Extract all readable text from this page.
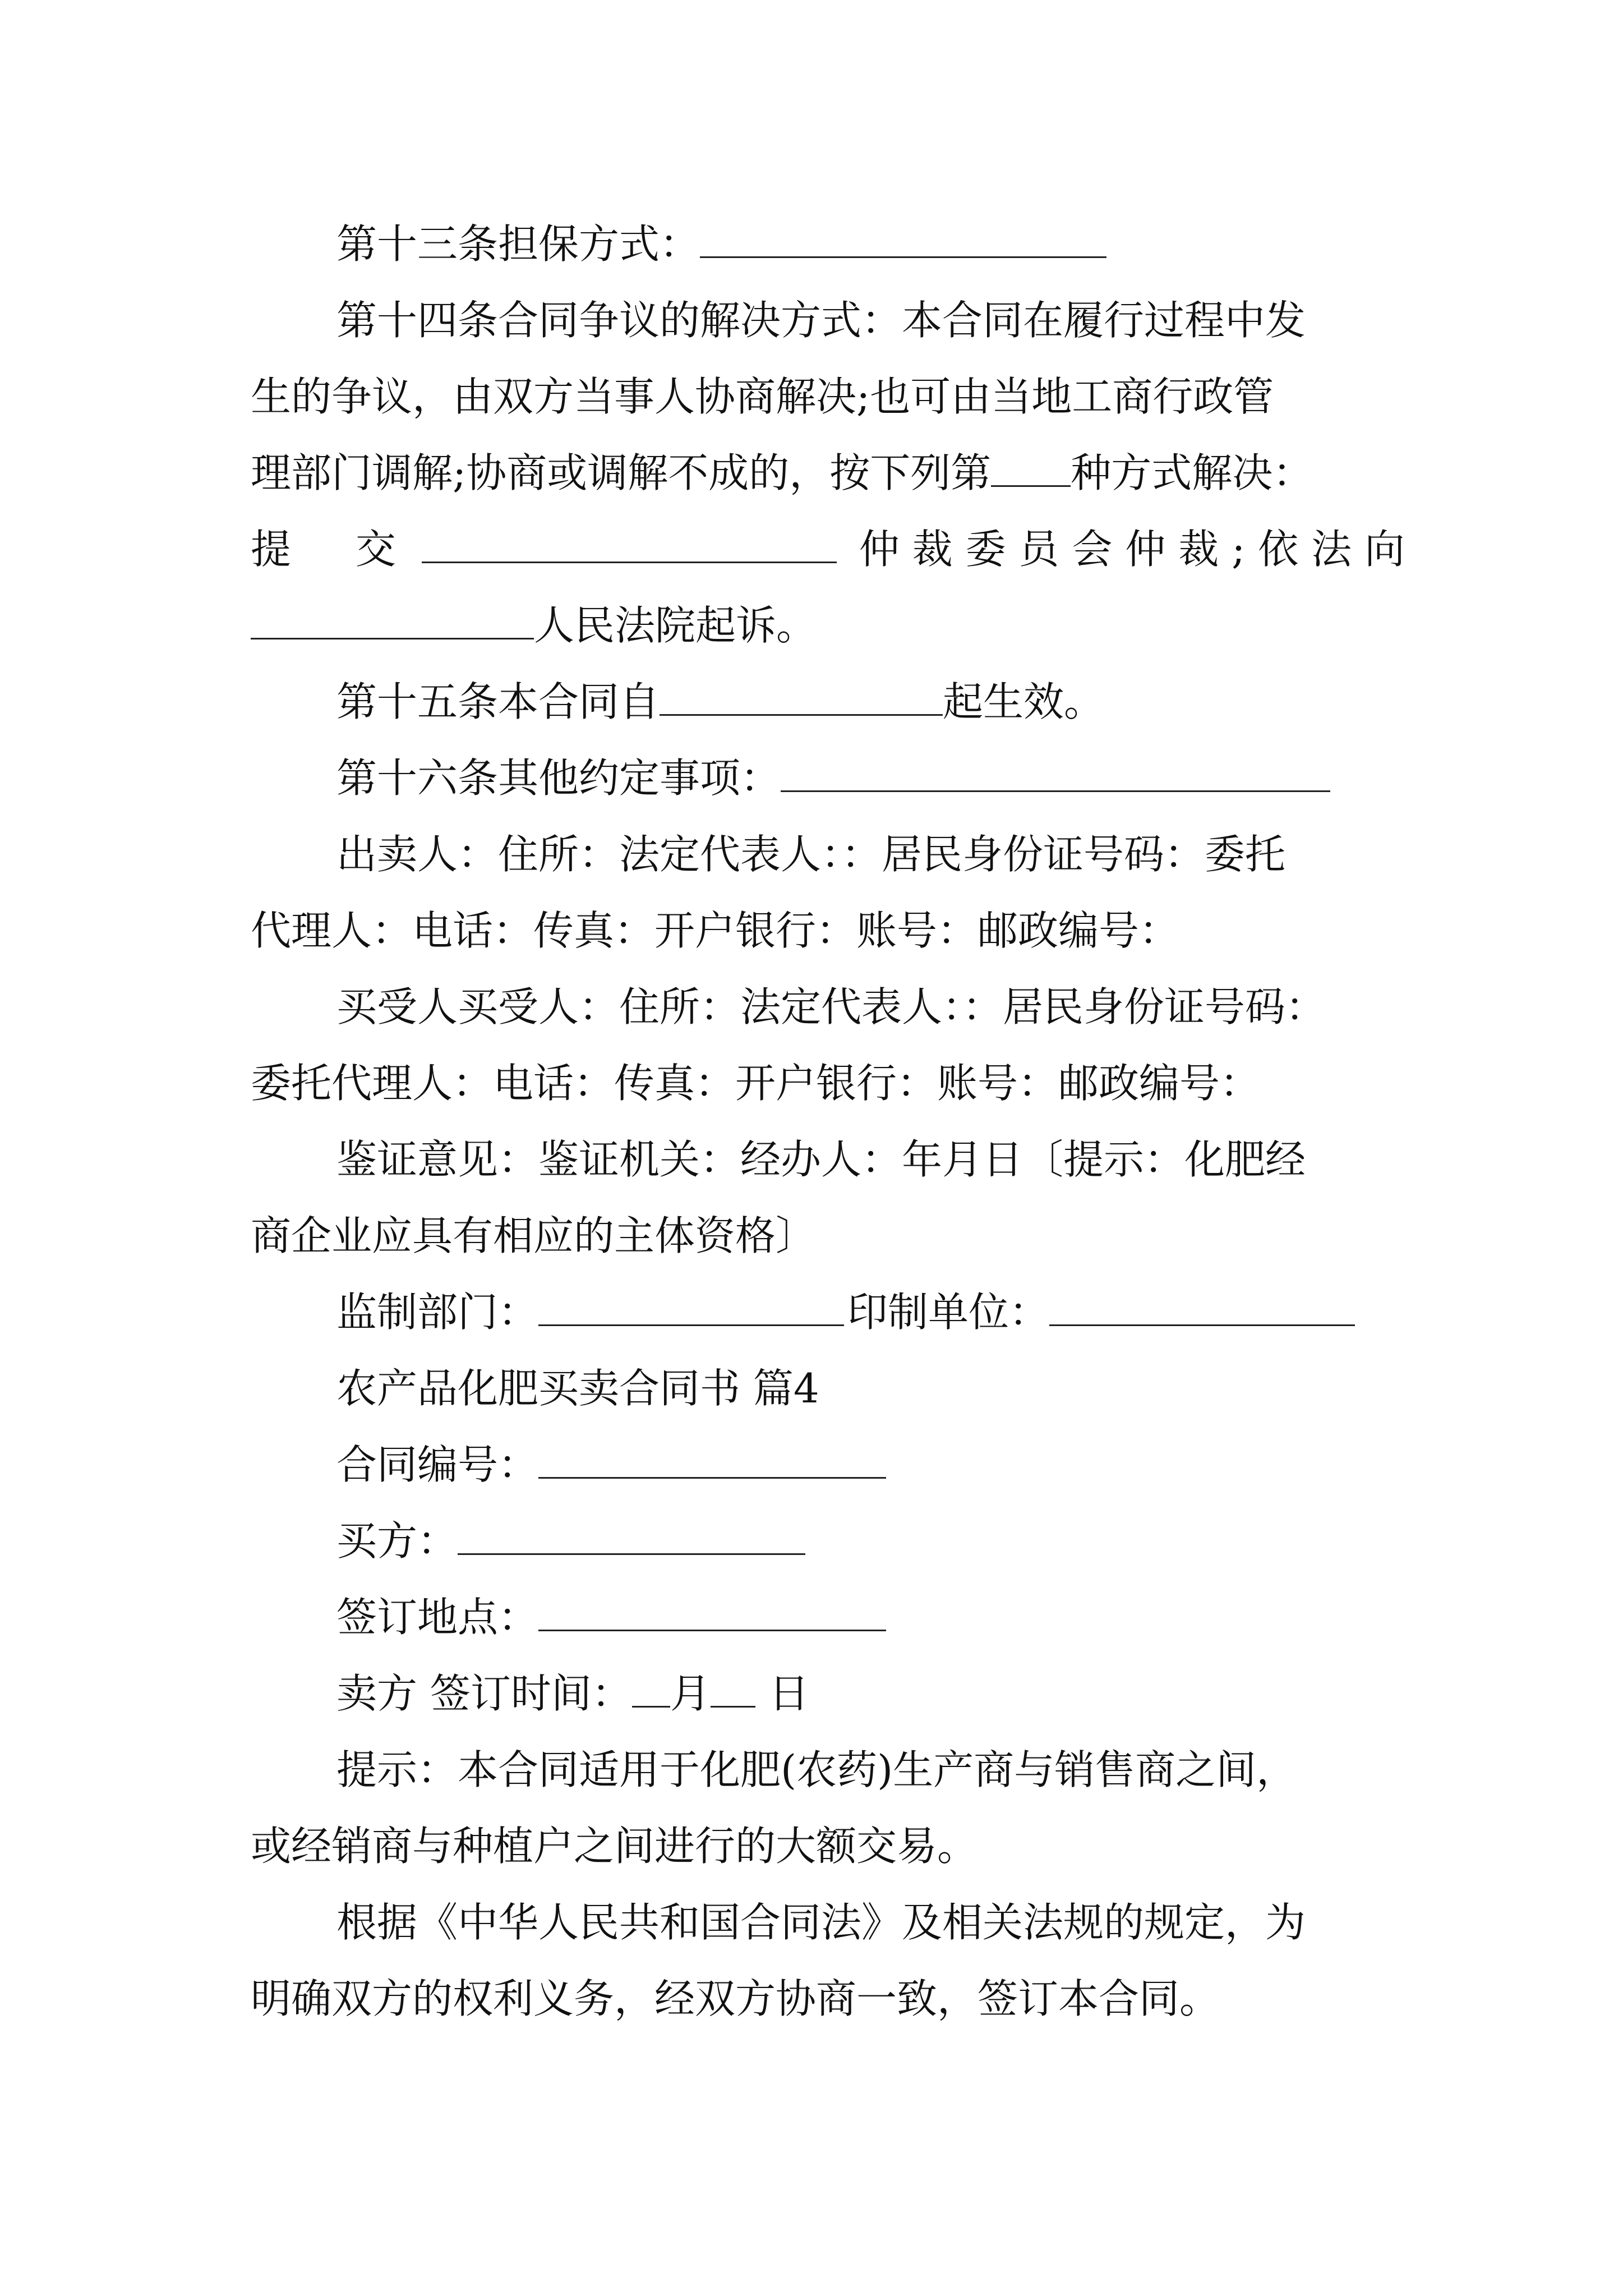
第十三条担保方式：
第十四条合同争议的解决方式：本合同在履行过程中发
生的争议，由双方当事人协商解决;也可由当地工商行政管
理部门调解;协商或调解不成的，按下列第 种方式解决：
提 交	仲 裁 委 员 会 仲 裁 ; 依 法 向
人民法院起诉。
第十五条本合同自	起生效。
第十六条其他约定事项：
出卖人：住所：法定代表人：：居民身份证号码：委托
代理人：电话：传真：开户银行：账号：邮政编号：
买受人买受人：住所：法定代表人：：居民身份证号码：
委托代理人：电话：传真：开户银行：账号：邮政编号：
鉴证意见：鉴证机关：经办人：年月日〔提示：化肥经
商企业应具有相应的主体资格〕
监制部门：	印制单位：
农产品化肥买卖合同书 篇4
合同编号：
买方：
签订地点：
卖方 签订时间： 月 日
提示：本合同适用于化肥(农药)生产商与销售商之间，
或经销商与种植户之间进行的大额交易。
根据《中华人民共和国合同法》及相关法规的规定，为
明确双方的权利义务，经双方协商一致，签订本合同。
